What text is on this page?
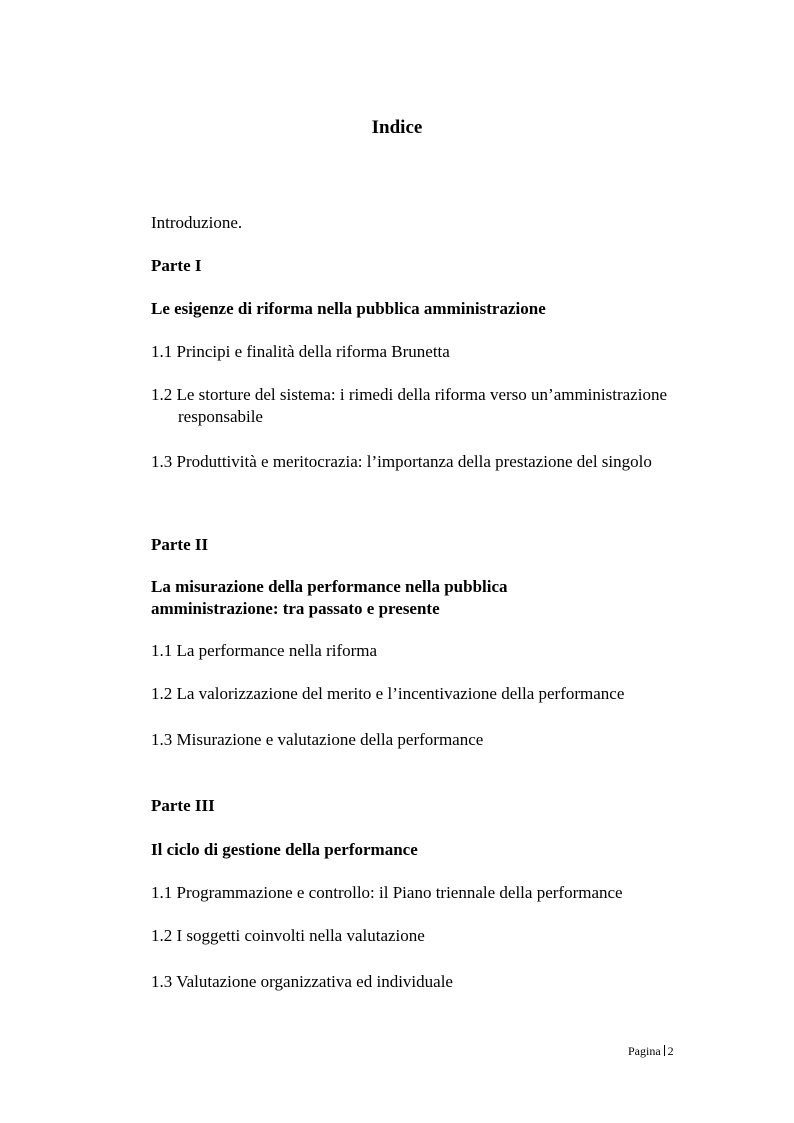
Indice

Introduzione.

Parte I

Le esigenze di riforma nella pubblica amministrazione

1.1 Principi e finalità della riforma Brunetta

1.2 Le storture del sistema: i rimedi della riforma verso un’amministrazione responsabile

1.3 Produttività e meritocrazia: l’importanza della prestazione del singolo

Parte II

La misurazione della performance nella pubblica amministrazione: tra passato e presente

1.1 La performance nella riforma

1.2 La valorizzazione del merito e l’incentivazione della performance

1.3 Misurazione e valutazione della performance

Parte III

Il ciclo di gestione della performance

1.1 Programmazione e controllo: il Piano triennale della performance

1.2 I soggetti coinvolti nella valutazione

1.3 Valutazione organizzativa ed individuale

Pagina 2
